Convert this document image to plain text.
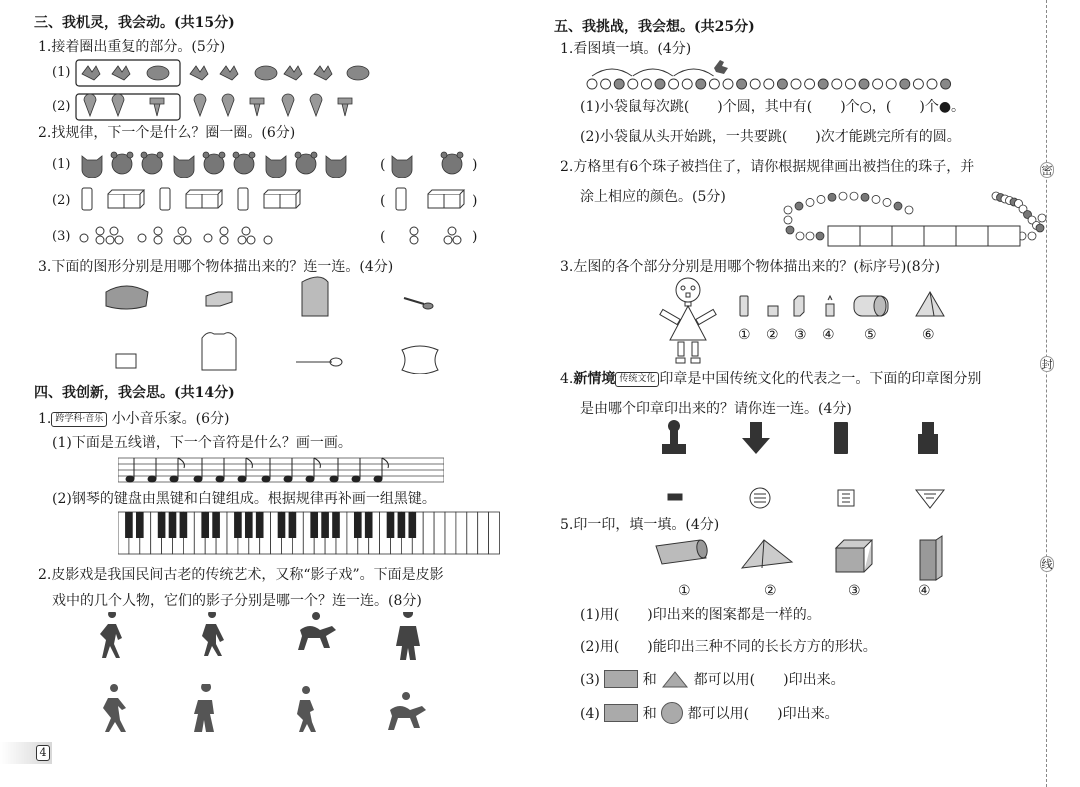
三、我机灵，我会动。(共15分)
1.接着圈出重复的部分。(5分)
(1)
(2)
2.找规律，下一个是什么？圈一圈。(6分)
(1)	(	)
(2)	(	)
(3)	(	)
3.下面的图形分别是用哪个物体描出来的？连一连。(4分)
四、我创新，我会思。(共14分)
1. 跨学科·音乐 小小音乐家。(6分)
(1)下面是五线谱，下一个音符是什么？画一画。
(2)钢琴的键盘由黑键和白键组成。根据规律再补画一组黑键。
2.皮影戏是我国民间古老的传统艺术，又称“影子戏”。下面是皮影
戏中的几个人物，它们的影子分别是哪一个？连一连。(8分)
4
五、我挑战，我会想。(共25分)
1.看图填一填。(4分)
(1)小袋鼠每次跳(　　)个圆，其中有(　　)个○，(　　)个●。
(2)小袋鼠从头开始跳，一共要跳(　　)次才能跳完所有的圆。
2.方格里有6个珠子被挡住了，请你根据规律画出被挡住的珠子，并
涂上相应的颜色。(5分)
3.左图的各个部分分别是用哪个物体描出来的？(标序号)(8分)
① ② ③ ④ ⑤	⑥
4.新情境 传统文化 印章是中国传统文化的代表之一。下面的印章图分别
是由哪个印章印出来的？请你连一连。(4分)
5.印一印，填一填。(4分)
①	②	③	④
(1)用(　　)印出来的图案都是一样的。
(2)用(　　)能印出三种不同的长长方方的形状。
(3)	和	都可以用(　　)印出来。
(4)	和 都可以用(　　)印出来。
密
封
线
